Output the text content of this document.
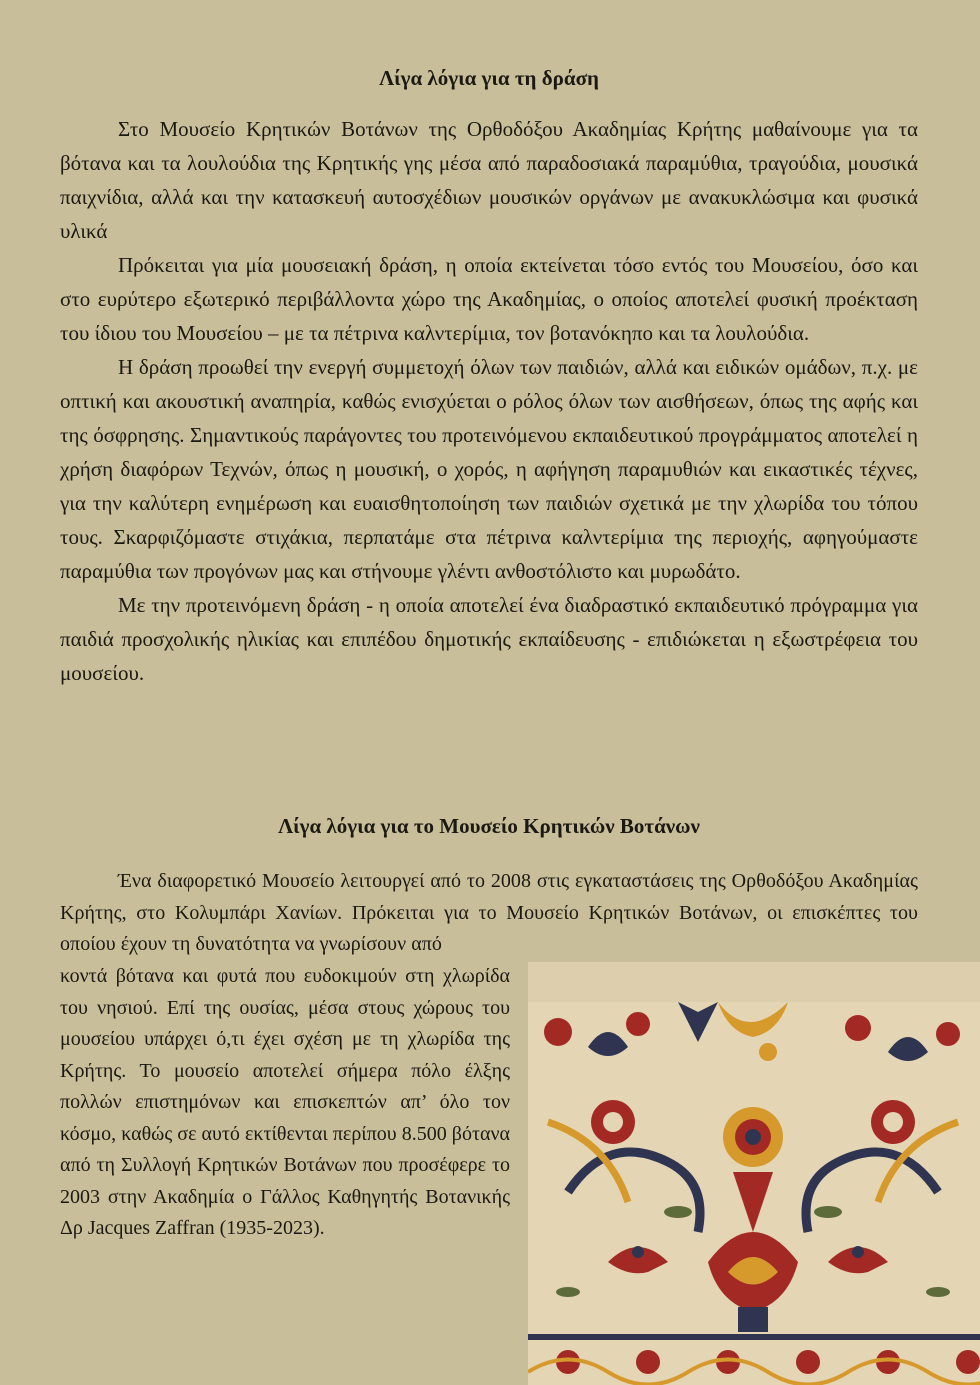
Λίγα λόγια για τη δράση

Στο Μουσείο Κρητικών Βοτάνων της Ορθοδόξου Ακαδημίας Κρήτης μαθαίνουμε για τα βότανα και τα λουλούδια της Κρητικής γης μέσα από παραδοσιακά παραμύθια, τραγούδια, μουσικά παιχνίδια, αλλά και την κατασκευή αυτοσχέδιων μουσικών οργάνων με ανακυκλώσιμα και φυσικά υλικά

Πρόκειται για μία μουσειακή δράση, η οποία εκτείνεται τόσο εντός του Μουσείου, όσο και στο ευρύτερο εξωτερικό περιβάλλοντα χώρο της Ακαδημίας, ο οποίος αποτελεί φυσική προέκταση του ίδιου του Μουσείου – με τα πέτρινα καλντερίμια, τον βοτανόκηπο και τα λουλούδια.

Η δράση προωθεί την ενεργή συμμετοχή όλων των παιδιών, αλλά και ειδικών ομάδων, π.χ. με οπτική και ακουστική αναπηρία, καθώς ενισχύεται ο ρόλος όλων των αισθήσεων, όπως της αφής και της όσφρησης. Σημαντικούς παράγοντες του προτεινόμενου εκπαιδευτικού προγράμματος αποτελεί η χρήση διαφόρων Τεχνών, όπως η μουσική, ο χορός, η αφήγηση παραμυθιών και εικαστικές τέχνες, για την καλύτερη ενημέρωση και ευαισθητοποίηση των παιδιών σχετικά με την χλωρίδα του τόπου τους. Σκαρφιζόμαστε στιχάκια, περπατάμε στα πέτρινα καλντερίμια της περιοχής, αφηγούμαστε παραμύθια των προγόνων μας και στήνουμε γλέντι ανθοστόλιστο και μυρωδάτο.

Με την προτεινόμενη δράση - η οποία αποτελεί ένα διαδραστικό εκπαιδευτικό πρόγραμμα για παιδιά προσχολικής ηλικίας και επιπέδου δημοτικής εκπαίδευσης - επιδιώκεται η εξωστρέφεια του μουσείου.

Λίγα λόγια για το Μουσείο Κρητικών Βοτάνων

Ένα διαφορετικό Μουσείο λειτουργεί από το 2008 στις εγκαταστάσεις της Ορθοδόξου Ακαδημίας Κρήτης, στο Κολυμπάρι Χανίων. Πρόκειται για το Μουσείο Κρητικών Βοτάνων, οι επισκέπτες του οποίου έχουν τη δυνατότητα να γνωρίσουν από

κοντά βότανα και φυτά που ευδοκιμούν στη χλωρίδα του νησιού. Επί της ουσίας, μέσα στους χώρους του μουσείου υπάρχει ό,τι έχει σχέση με τη χλωρίδα της Κρήτης. Το μουσείο αποτελεί σήμερα πόλο έλξης πολλών επιστημόνων και επισκεπτών απ’ όλο τον κόσμο, καθώς σε αυτό εκτίθενται περίπου 8.500 βότανα από τη Συλλογή Κρητικών Βοτάνων που προσέφερε το 2003 στην Ακαδημία ο Γάλλος Καθηγητής Βοτανικής Δρ Jacques Zaffran (1935-2023).
